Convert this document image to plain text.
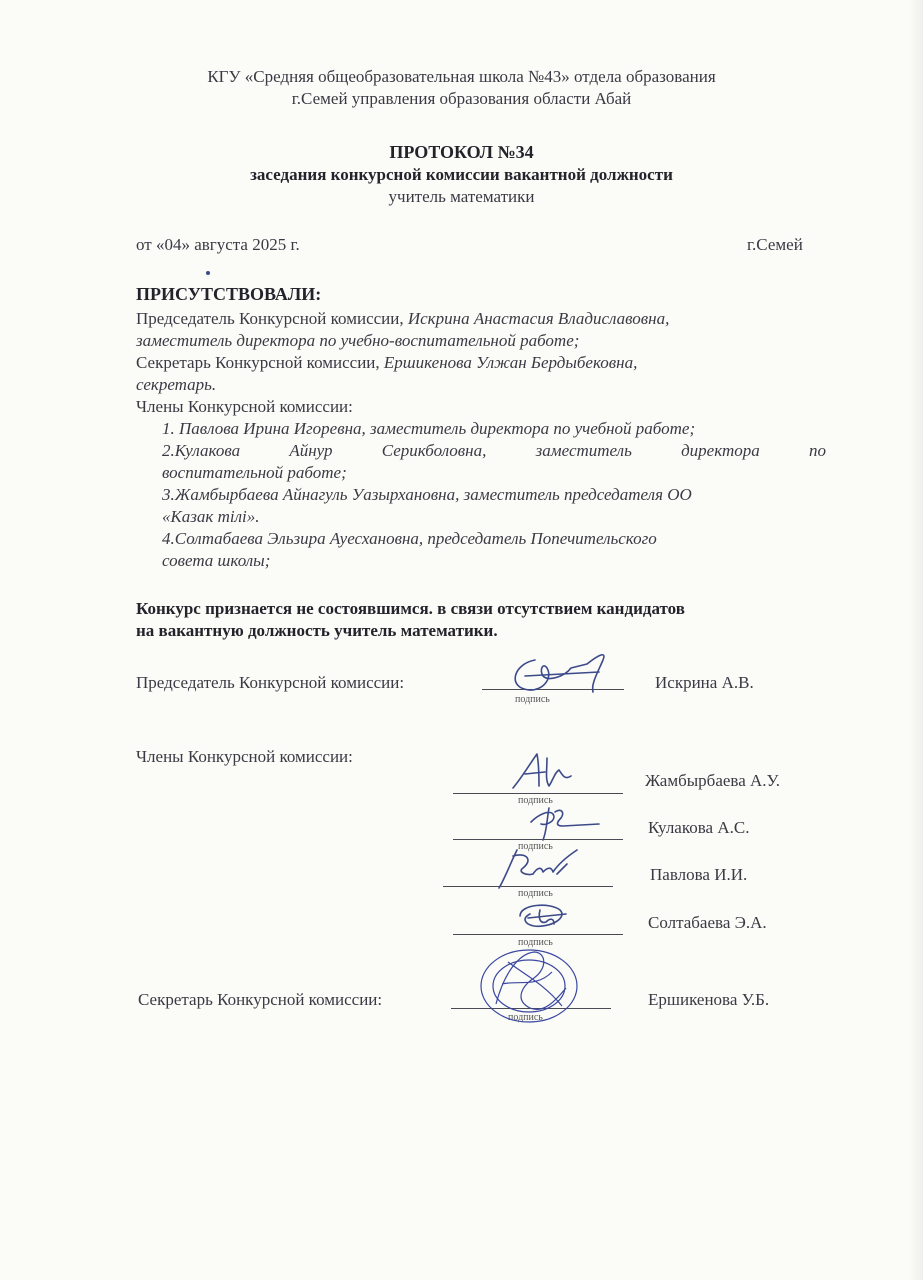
КГУ «Средняя общеобразовательная школа №43» отдела образования
г.Семей управления образования области Абай
ПРОТОКОЛ №34
заседания конкурсной комиссии вакантной должности
учитель математики
от «04» августа 2025 г.	г.Семей
ПРИСУТСТВОВАЛИ:

Председатель Конкурсной комиссии, Искрина Анастасия Владиславовна,

заместитель директора по учебно-воспитательной работе;

Секретарь Конкурсной комиссии, Ершикенова Улжан Бердыбековна,

секретарь.

Члены Конкурсной комиссии:

1. Павлова Ирина Игоревна, заместитель директора по учебной работе;

2.Кулакова Айнур Серикболовна, заместитель директора по

воспитательной работе;

3.Жамбырбаева Айнагуль Уазырхановна, заместитель председателя ОО

«Казак тілі».

4.Солтабаева Эльзира Ауесхановна, председатель Попечительского

совета школы;

Конкурс признается не состоявшимся. в связи отсутствием кандидатов
на вакантную должность учитель математики.
Председатель Конкурсной комиссии:
подпись
Искрина А.В.
Члены Конкурсной комиссии:
подпись
Жамбырбаева А.У.
подпись
Кулакова А.С.
подпись
Павлова И.И.
подпись
Солтабаева Э.А.
Секретарь Конкурсной комиссии:
подпись
Ершикенова У.Б.
